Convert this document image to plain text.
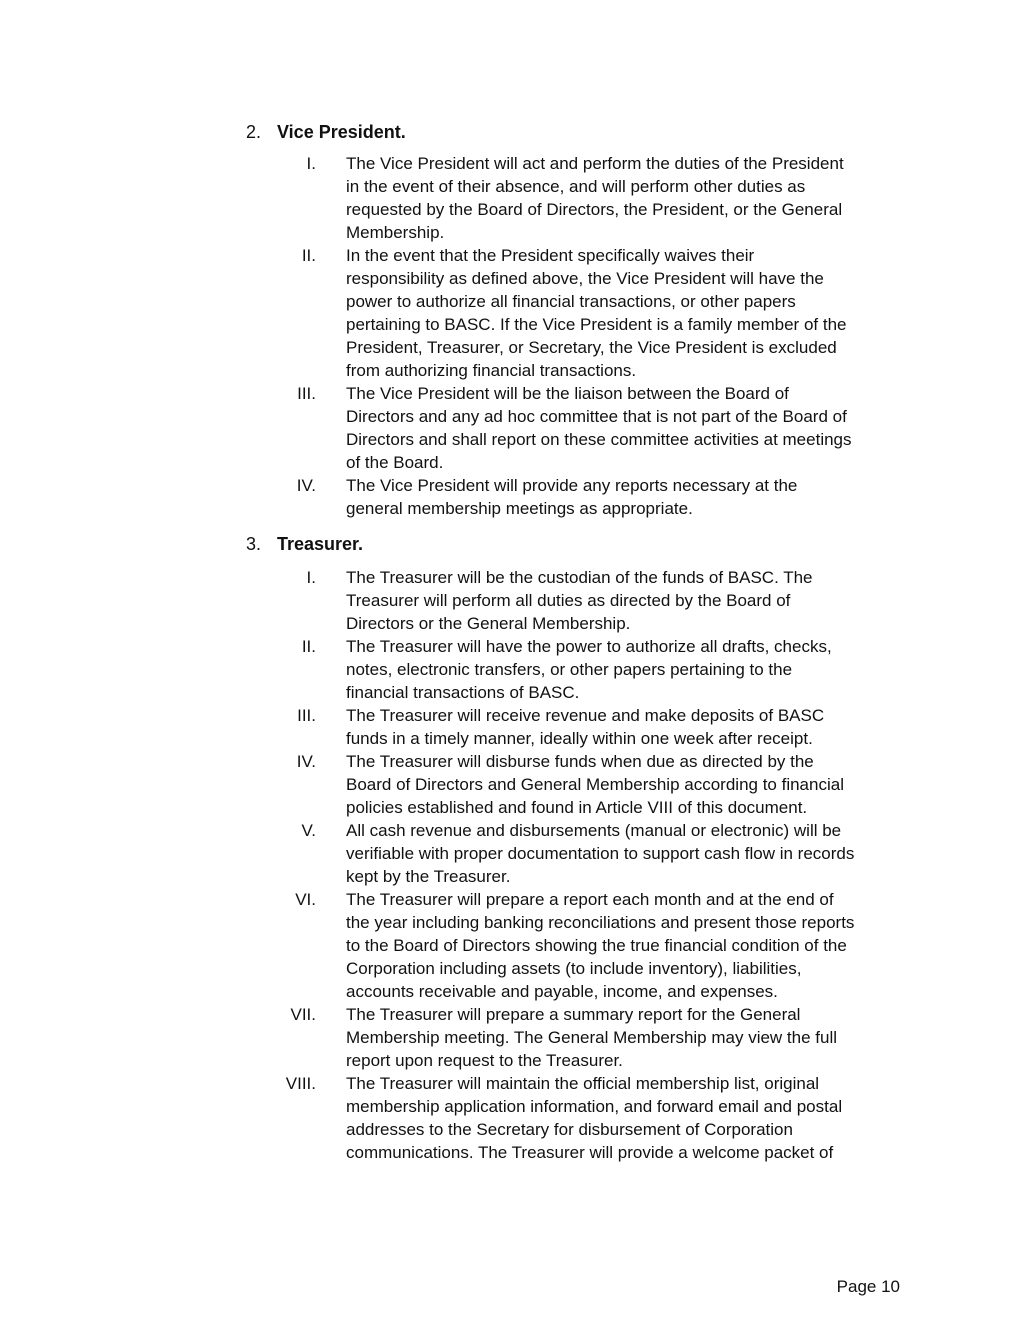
2. Vice President.
I.	The Vice President will act and perform the duties of the President in the event of their absence, and will perform other duties as requested by the Board of Directors, the President, or the General Membership.
II.	In the event that the President specifically waives their responsibility as defined above, the Vice President will have the power to authorize all financial transactions, or other papers pertaining to BASC. If the Vice President is a family member of the President, Treasurer, or Secretary, the Vice President is excluded from authorizing financial transactions.
III.	The Vice President will be the liaison between the Board of Directors and any ad hoc committee that is not part of the Board of Directors and shall report on these committee activities at meetings of the Board.
IV.	The Vice President will provide any reports necessary at the general membership meetings as appropriate.
3. Treasurer.
I.	The Treasurer will be the custodian of the funds of BASC. The Treasurer will perform all duties as directed by the Board of Directors or the General Membership.
II.	The Treasurer will have the power to authorize all drafts, checks, notes, electronic transfers, or other papers pertaining to the financial transactions of BASC.
III.	The Treasurer will receive revenue and make deposits of BASC funds in a timely manner, ideally within one week after receipt.
IV.	The Treasurer will disburse funds when due as directed by the Board of Directors and General Membership according to financial policies established and found in Article VIII of this document.
V.	All cash revenue and disbursements (manual or electronic) will be verifiable with proper documentation to support cash flow in records kept by the Treasurer.
VI.	The Treasurer will prepare a report each month and at the end of the year including banking reconciliations and present those reports to the Board of Directors showing the true financial condition of the Corporation including assets (to include inventory), liabilities, accounts receivable and payable, income, and expenses.
VII.	The Treasurer will prepare a summary report for the General Membership meeting. The General Membership may view the full report upon request to the Treasurer.
VIII.	The Treasurer will maintain the official membership list, original membership application information, and forward email and postal addresses to the Secretary for disbursement of Corporation communications. The Treasurer will provide a welcome packet of
Page 10
